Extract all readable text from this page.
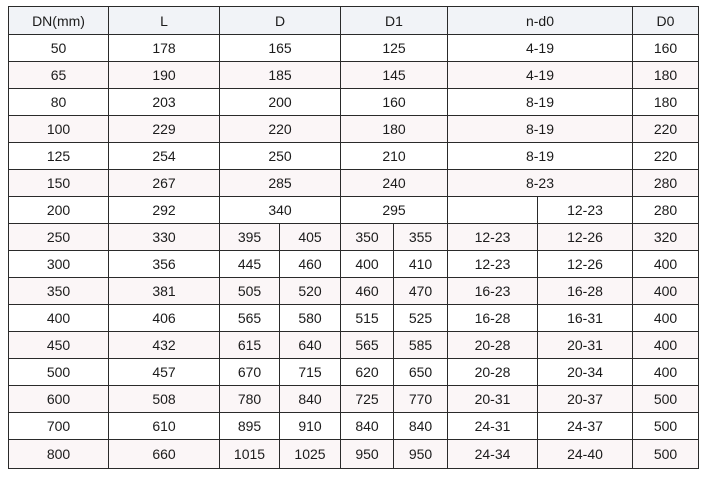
DN(mm)	L	D		D1		n-d0		D0
50	178	165		125		4-19		160
65	190	185		145		4-19		180
80	203	200		160		8-19		180
100	229	220		180		8-19		220
125	254	250		210		8-19		220
150	267	285		240		8-23		280
200	292	340		295			12-23	280
250	330	395	405	350	355	12-23	12-26	320
300	356	445	460	400	410	12-23	12-26	400
350	381	505	520	460	470	16-23	16-28	400
400	406	565	580	515	525	16-28	16-31	400
450	432	615	640	565	585	20-28	20-31	400
500	457	670	715	620	650	20-28	20-34	400
600	508	780	840	725	770	20-31	20-37	500
700	610	895	910	840	840	24-31	24-37	500
800	660	1015	1025	950	950	24-34	24-40	500
